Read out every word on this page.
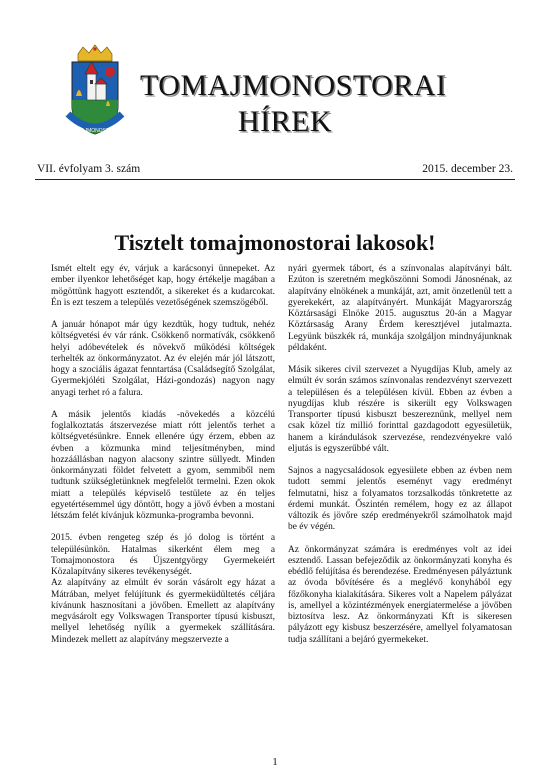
TOMAJMONOSTORA
TOMAJMONOSTORAI
HÍREK
VII. évfolyam 3. szám	2015. december 23.
Tisztelt tomajmonostorai lakosok!

Ismét eltelt egy év, várjuk a karácsonyi ünnepeket. Az ember ilyenkor lehetőséget kap, hogy értékelje magában a mögöttünk hagyott esztendőt, a sikereket és a kudarcokat. Én is ezt teszem a település vezetőségének szemszögéből.

A január hónapot már úgy kezdtük, hogy tudtuk, nehéz költségvetési év vár ránk. Csökkenő normatívák, csökkenő helyi adóbevételek és növekvő működési költségek terhelték az önkormányzatot. Az év elején már jól látszott, hogy a szociális ágazat fenntartása (Családsegítő Szolgálat, Gyermekjóléti Szolgálat, Házi-gondozás) nagyon nagy anyagi terhet ró a falura.

A másik jelentős kiadás -növekedés a közcélú foglalkoztatás átszervezése miatt rótt jelentős terhet a költségvetésünkre. Ennek ellenére úgy érzem, ebben az évben a közmunka mind teljesítményben, mind hozzáállásban nagyon alacsony szintre süllyedt. Minden önkormányzati földet felvetett a gyom, semmiből nem tudtunk szükségletünknek megfelelőt termelni. Ezen okok miatt a település képviselő testülete az én teljes egyetértésemmel úgy döntött, hogy a jövő évben a mostani létszám felét kívánjuk közmunka-programba bevonni.

2015. évben rengeteg szép és jó dolog is történt a településünkön. Hatalmas sikerként élem meg a Tomajmonostora és Újszentgyörgy Gyermekeiért Közalapítvány sikeres tevékenységét.

Az alapítvány az elmúlt év során vásárolt egy házat a Mátrában, melyet felújítunk és gyermeküdültetés céljára kívánunk hasznosítani a jövőben. Emellett az alapítvány megvásárolt egy Volkswagen Transporter típusú kisbuszt, mellyel lehetőség nyílik a gyermekek szállítására. Mindezek mellett az alapítvány megszervezte a

nyári gyermek tábort, és a színvonalas alapítványi bált. Ezúton is szeretném megköszönni Somodi Jánosnénak, az alapítvány elnökének a munkáját, azt, amit önzetlenül tett a gyerekekért, az alapítványért. Munkáját Magyarország Köztársasági Elnöke 2015. augusztus 20-án a Magyar Köztársaság Arany Érdem keresztjével jutalmazta. Legyünk büszkék rá, munkája szolgáljon mindnyájunknak példaként.

Másik sikeres civil szervezet a Nyugdíjas Klub, amely az elmúlt év során számos színvonalas rendezvényt szervezett a településen és a településen kívül. Ebben az évben a nyugdíjas klub részére is sikerült egy Volkswagen Transporter típusú kisbuszt beszereznünk, mellyel nem csak közel tíz millió forinttal gazdagodott egyesületük, hanem a kirándulások szervezése, rendezvényekre való eljutás is egyszerűbbé vált.

Sajnos a nagycsaládosok egyesülete ebben az évben nem tudott semmi jelentős eseményt vagy eredményt felmutatni, hisz a folyamatos torzsalkodás tönkretette az érdemi munkát. Őszintén remélem, hogy ez az állapot változik és jövőre szép eredményekről számolhatok majd be év végén.

Az önkormányzat számára is eredményes volt az idei esztendő. Lassan befejeződik az önkormányzati konyha és ebédlő felújítása és berendezése. Eredményesen pályáztunk az óvoda bővítésére és a meglévő konyhából egy főzőkonyha kialakítására. Sikeres volt a Napelem pályázat is, amellyel a közintézmények energiatermelése a jövőben biztosítva lesz. Az önkormányzati Kft is sikeresen pályázott egy kisbusz beszerzésére, amellyel folyamatosan tudja szállítani a bejáró gyermekeket.

1
